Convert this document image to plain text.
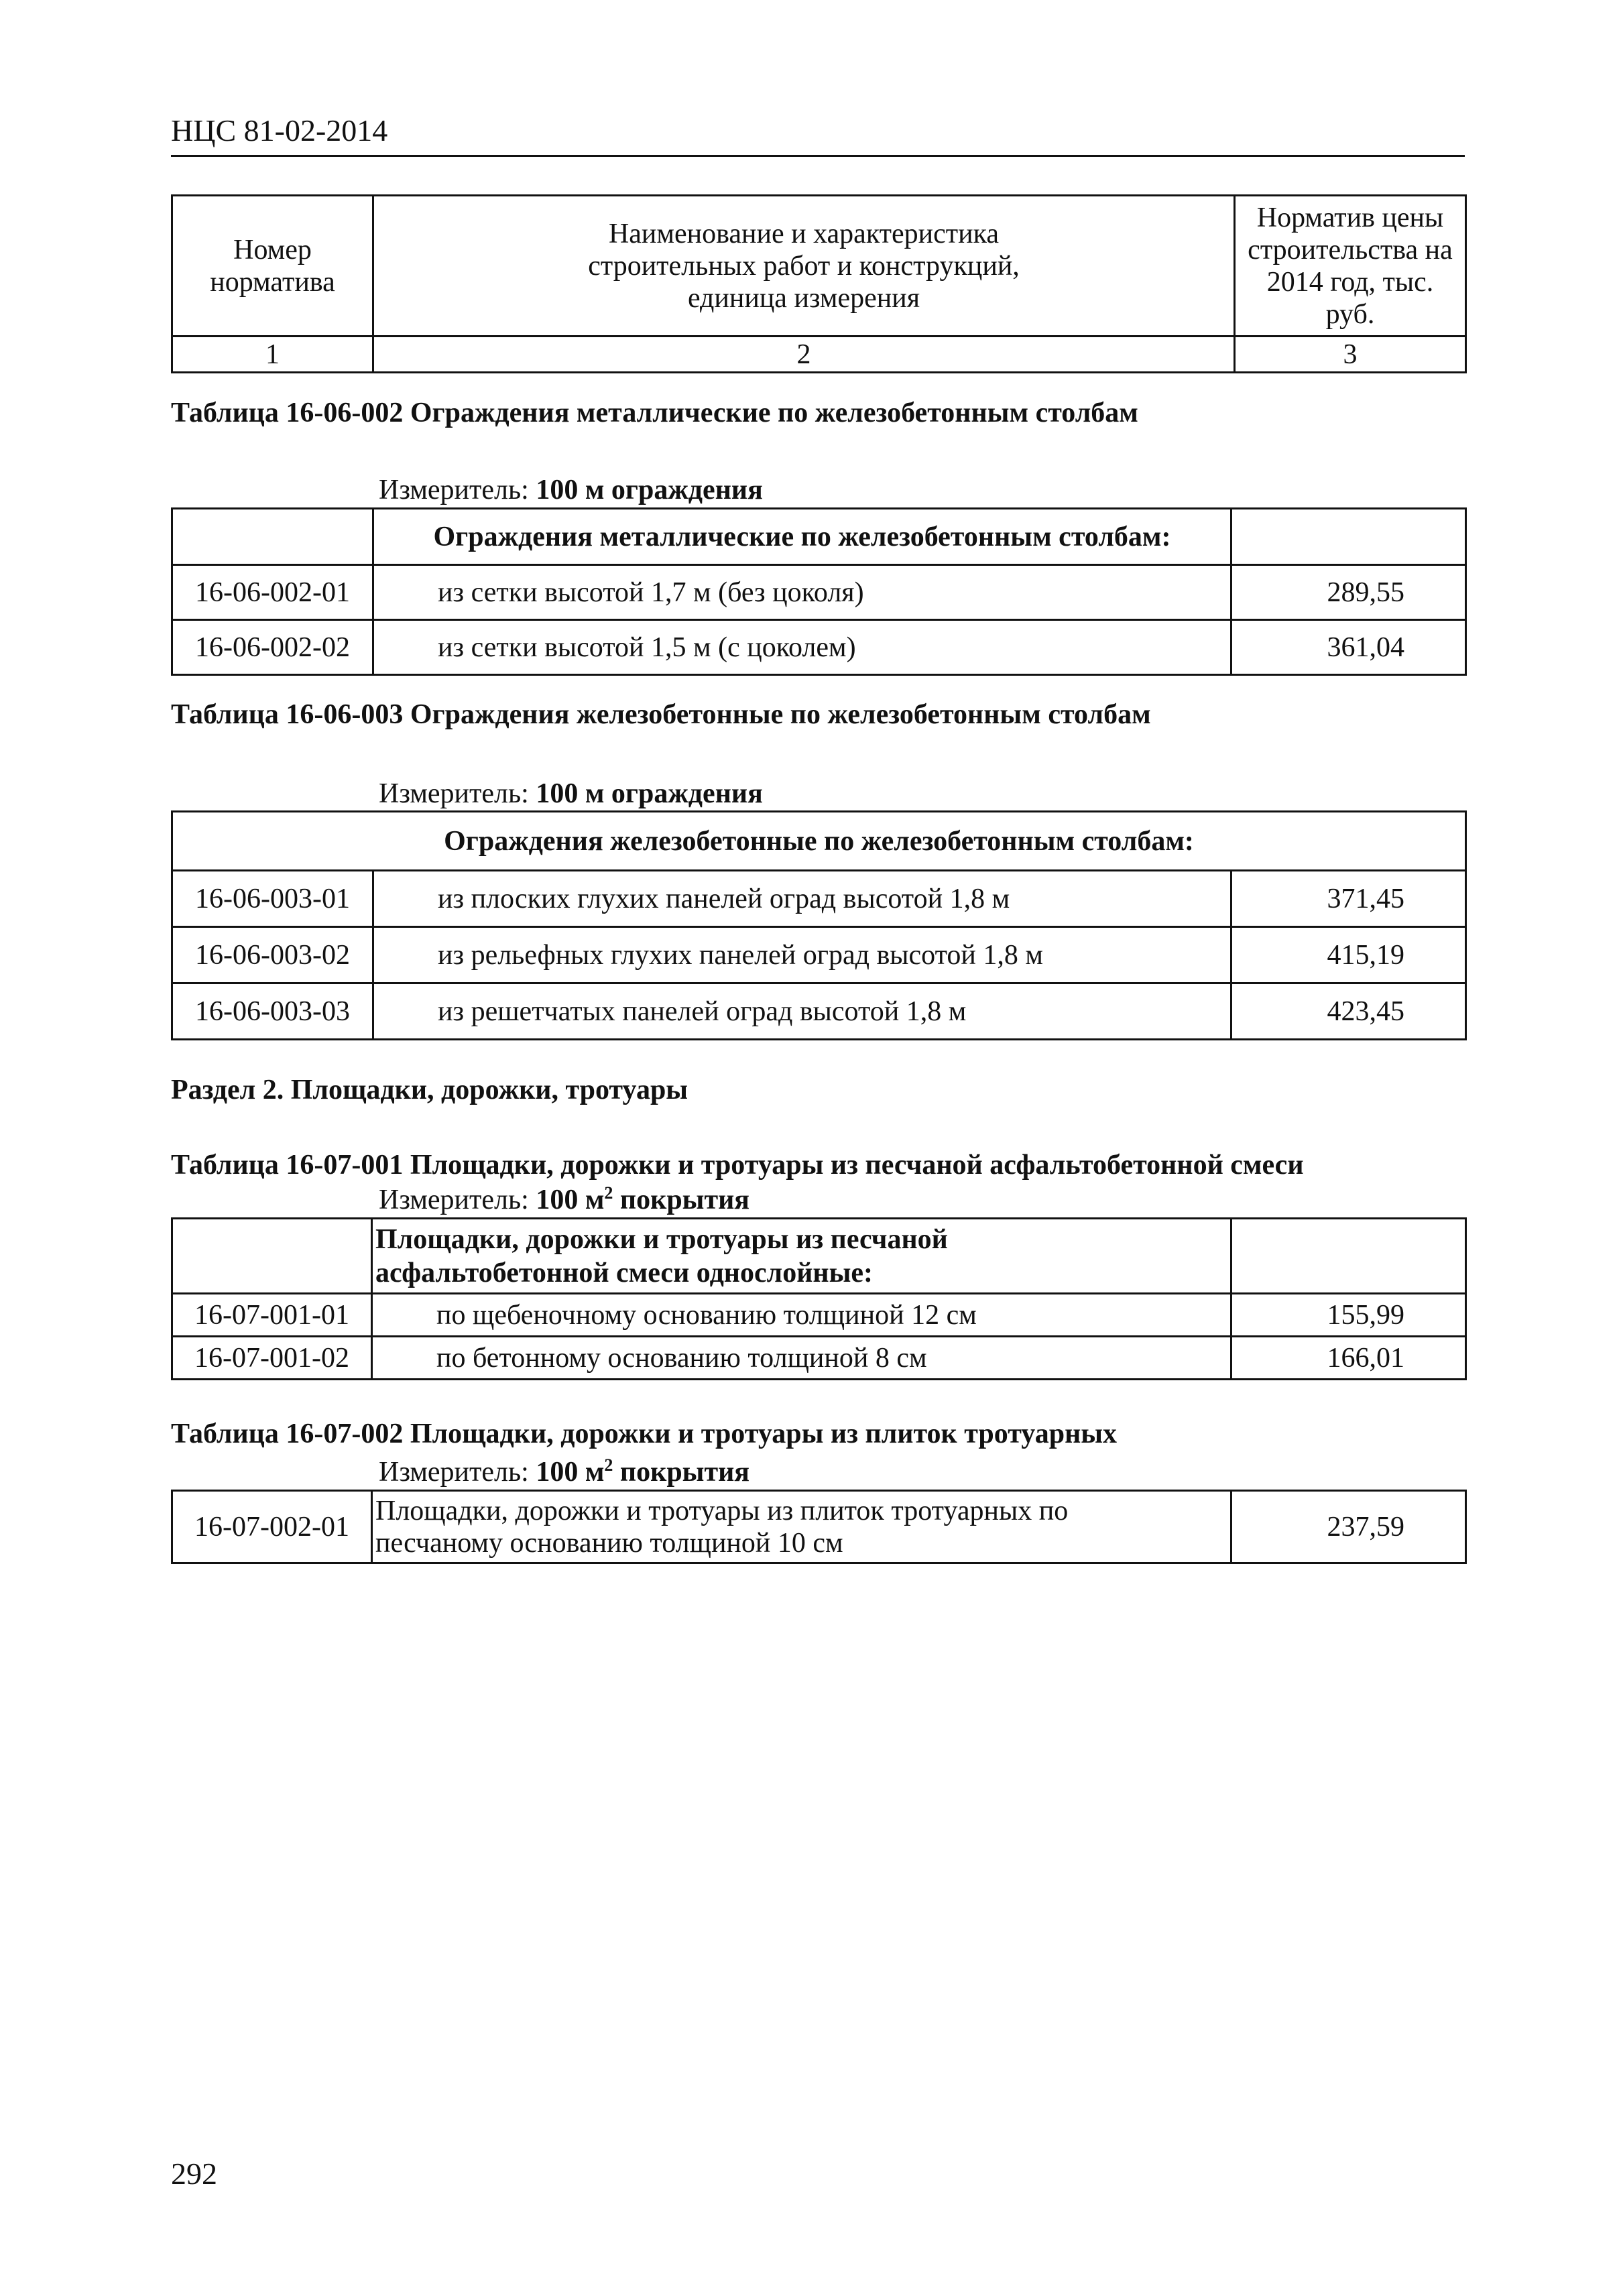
НЦС 81-02-2014
Номер норматива	Наименование и характеристика строительных работ и конструкций, единица измерения	Норматив цены строительства на 2014 год, тыс. руб.
1	2	3
Таблица 16-06-002 Ограждения металлические по железобетонным столбам
Измеритель: 100 м ограждения
	Ограждения металлические по железобетонным столбам:	
16-06-002-01	из сетки высотой 1,7 м (без цоколя)	289,55
16-06-002-02	из сетки высотой 1,5 м (с цоколем)	361,04
Таблица 16-06-003 Ограждения железобетонные по железобетонным столбам
Измеритель: 100 м ограждения
Ограждения железобетонные по железобетонным столбам:		
16-06-003-01	из плоских глухих панелей оград высотой 1,8 м	371,45
16-06-003-02	из рельефных глухих панелей оград высотой 1,8 м	415,19
16-06-003-03	из решетчатых панелей оград высотой 1,8 м	423,45
Раздел 2. Площадки, дорожки, тротуары
Таблица 16-07-001 Площадки, дорожки и тротуары из песчаной асфальтобетонной смеси
Измеритель: 100 $м^2$ покрытия
	Площадки, дорожки и тротуары из песчаной асфальтобетонной смеси однослойные:	
16-07-001-01	по щебеночному основанию толщиной 12 см	155,99
16-07-001-02	по бетонному основанию толщиной 8 см	166,01
Таблица 16-07-002 Площадки, дорожки и тротуары из плиток тротуарных
Измеритель: 100 $м^2$ покрытия
16-07-002-01	Площадки, дорожки и тротуары из плиток тротуарных по песчаному основанию толщиной 10 см	237,59
292
